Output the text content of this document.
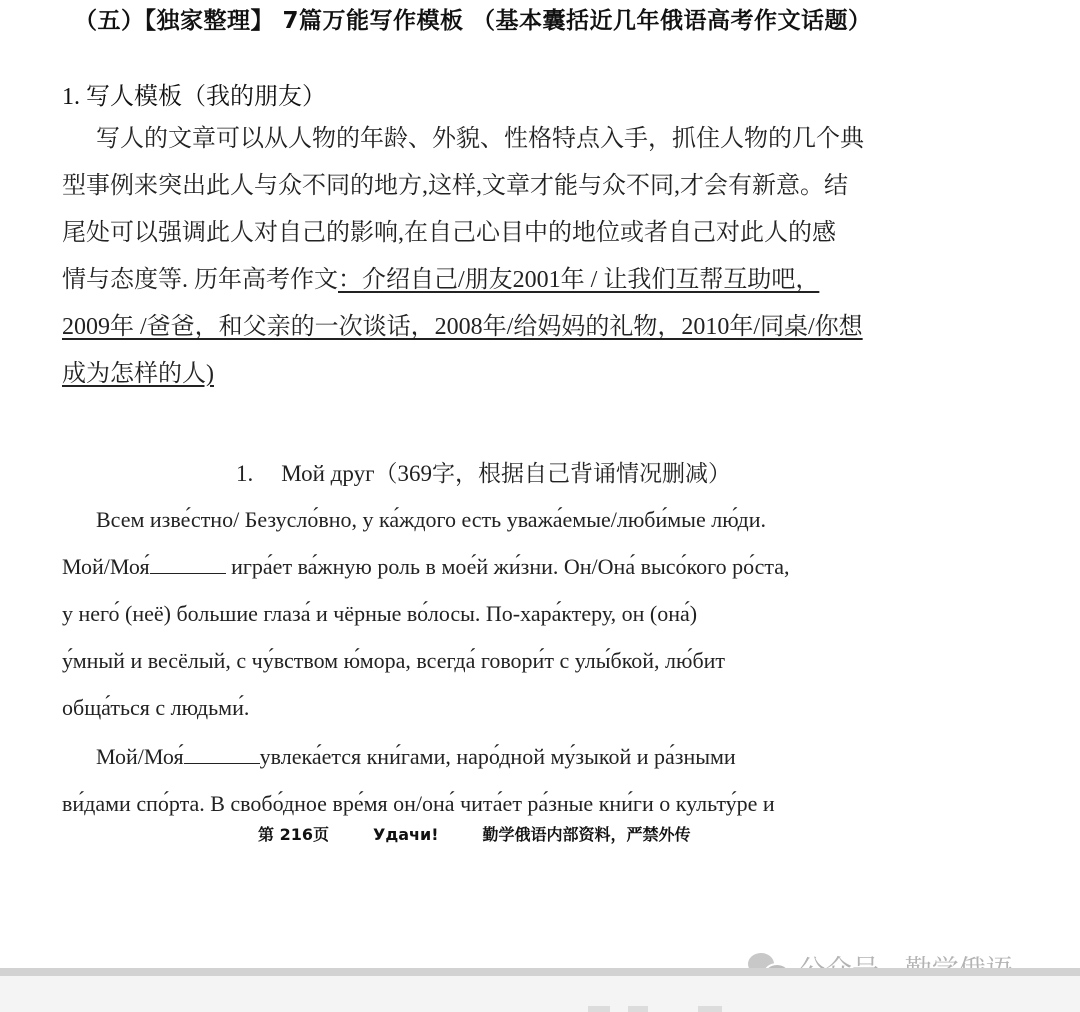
（五）【独家整理】 7篇万能写作模板 （基本囊括近几年俄语高考作文话题）
1. 写人模板（我的朋友）
写人的文章可以从人物的年龄、外貌、性格特点入手，抓住人物的几个典
型事例来突出此人与众不同的地方,这样,文章才能与众不同,才会有新意。结
尾处可以强调此人对自己的影响,在自己心目中的地位或者自己对此人的感
情与态度等. 历年高考作文：介绍自己/朋友2001年 / 让我们互帮互助吧，
2009年 /爸爸，和父亲的一次谈话，2008年/给妈妈的礼物，2010年/同桌/你想
成为怎样的人)
1. Мой друг（369字，根据自己背诵情况删减）
Всем изве́стно/ Безусло́вно, у ка́ждого есть уважа́емые/люби́мые лю́ди.
Мой/Моя́	игра́ет ва́жную роль в мое́й жи́зни. Он/Она́ высо́кого ро́ста,
у него́ (неё) большие глаза́ и чёрные во́лосы. По-хара́ктеру, он (она́)
у́мный и весёлый, с чу́вством ю́мора, всегда́ говори́т с улы́бкой, лю́бит
обща́ться с людьми́.
Мой/Моя́	увлека́ется кни́гами, наро́дной му́зыкой и ра́зными
ви́дами спо́рта. В свобо́дное вре́мя он/она́ чита́ет ра́зные кни́ги о культу́ре и
第 216页	Удачи!	勤学俄语内部资料，严禁外传
